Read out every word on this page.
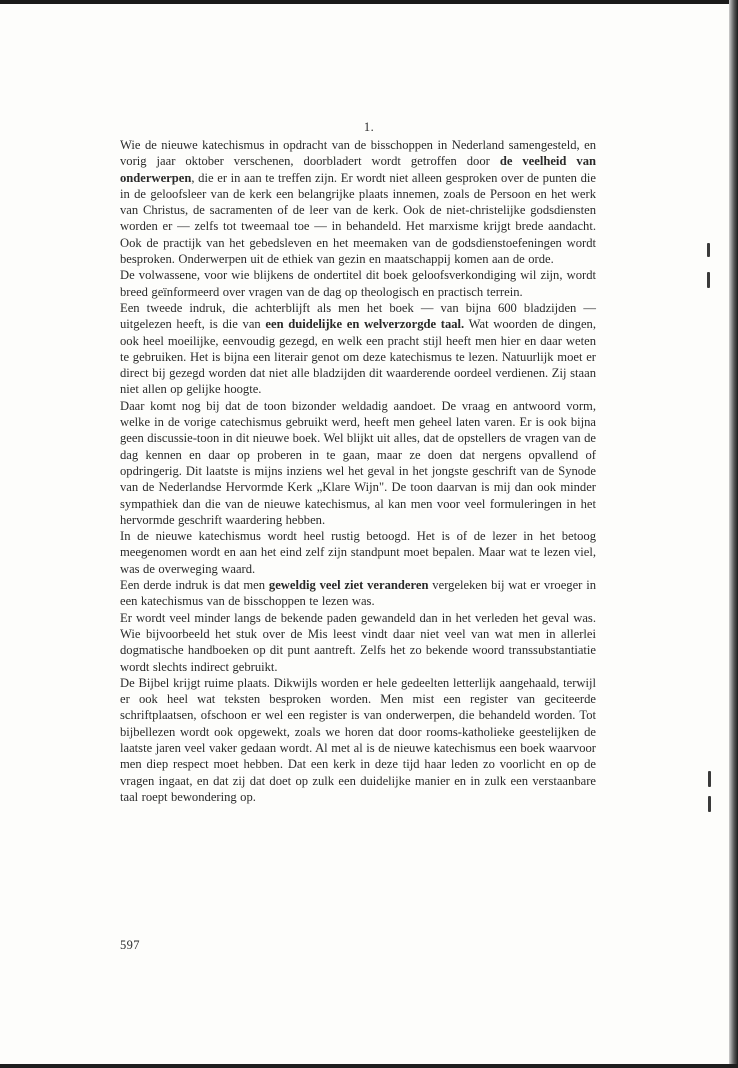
1.

Wie de nieuwe katechismus in opdracht van de bisschoppen in Nederland samengesteld, en vorig jaar oktober verschenen, doorbladert wordt getroffen door de veelheid van onderwerpen, die er in aan te treffen zijn. Er wordt niet alleen gesproken over de punten die in de geloofsleer van de kerk een belangrijke plaats innemen, zoals de Persoon en het werk van Christus, de sacramenten of de leer van de kerk. Ook de niet-christelijke godsdiensten worden er — zelfs tot tweemaal toe — in behandeld. Het marxisme krijgt brede aandacht. Ook de practijk van het gebedsleven en het meemaken van de godsdienstoefeningen wordt besproken. Onderwerpen uit de ethiek van gezin en maatschappij komen aan de orde.

De volwassene, voor wie blijkens de ondertitel dit boek geloofsverkondiging wil zijn, wordt breed geïnformeerd over vragen van de dag op theologisch en practisch terrein.

Een tweede indruk, die achterblijft als men het boek — van bijna 600 bladzijden — uitgelezen heeft, is die van een duidelijke en welverzorgde taal. Wat woorden de dingen, ook heel moeilijke, eenvoudig gezegd, en welk een pracht stijl heeft men hier en daar weten te gebruiken. Het is bijna een literair genot om deze katechismus te lezen. Natuurlijk moet er direct bij gezegd worden dat niet alle bladzijden dit waarderende oordeel verdienen. Zij staan niet allen op gelijke hoogte.

Daar komt nog bij dat de toon bizonder weldadig aandoet. De vraag en antwoord vorm, welke in de vorige catechismus gebruikt werd, heeft men geheel laten varen. Er is ook bijna geen discussie-toon in dit nieuwe boek. Wel blijkt uit alles, dat de opstellers de vragen van de dag kennen en daar op proberen in te gaan, maar ze doen dat nergens opvallend of opdringerig. Dit laatste is mijns inziens wel het geval in het jongste geschrift van de Synode van de Nederlandse Hervormde Kerk „Klare Wijn". De toon daarvan is mij dan ook minder sympathiek dan die van de nieuwe katechismus, al kan men voor veel formuleringen in het hervormde geschrift waardering hebben.

In de nieuwe katechismus wordt heel rustig betoogd. Het is of de lezer in het betoog meegenomen wordt en aan het eind zelf zijn standpunt moet bepalen. Maar wat te lezen viel, was de overweging waard.

Een derde indruk is dat men geweldig veel ziet veranderen vergeleken bij wat er vroeger in een katechismus van de bisschoppen te lezen was.

Er wordt veel minder langs de bekende paden gewandeld dan in het verleden het geval was. Wie bijvoorbeeld het stuk over de Mis leest vindt daar niet veel van wat men in allerlei dogmatische handboeken op dit punt aantreft. Zelfs het zo bekende woord transsubstantiatie wordt slechts indirect gebruikt.

De Bijbel krijgt ruime plaats. Dikwijls worden er hele gedeelten letterlijk aangehaald, terwijl er ook heel wat teksten besproken worden. Men mist een register van geciteerde schriftplaatsen, ofschoon er wel een register is van onderwerpen, die behandeld worden. Tot bijbellezen wordt ook opgewekt, zoals we horen dat door rooms-katholieke geestelijken de laatste jaren veel vaker gedaan wordt. Al met al is de nieuwe katechismus een boek waarvoor men diep respect moet hebben. Dat een kerk in deze tijd haar leden zo voorlicht en op de vragen ingaat, en dat zij dat doet op zulk een duidelijke manier en in zulk een verstaanbare taal roept bewondering op.

597
